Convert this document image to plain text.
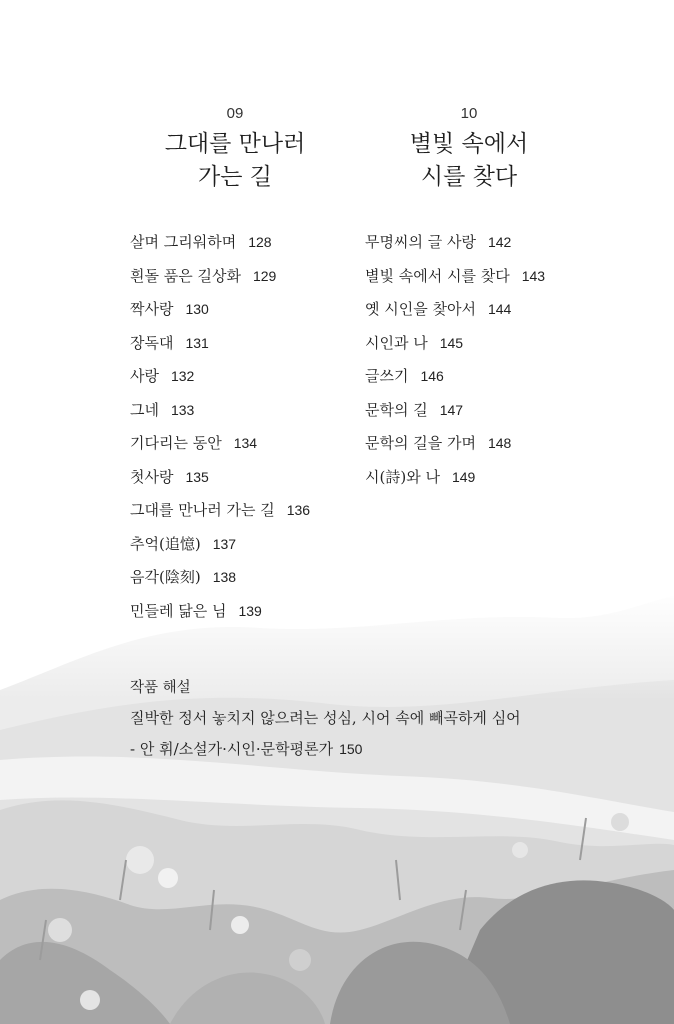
09
그대를 만나러
가는 길
10
별빛 속에서
시를 찾다
살며 그리워하며 128
흰돌 품은 길상화 129
짝사랑 130
장독대 131
사랑 132
그네 133
기다리는 동안 134
첫사랑 135
그대를 만나러 가는 길 136
추억(追憶) 137
음각(陰刻) 138
민들레 닮은 님 139
무명씨의 글 사랑 142
별빛 속에서 시를 찾다 143
옛 시인을 찾아서 144
시인과 나 145
글쓰기 146
문학의 길 147
문학의 길을 가며 148
시(詩)와 나 149
작품 해설
질박한 정서 놓치지 않으려는 성심, 시어 속에 빼곡하게 심어
- 안 휘/소설가·시인·문학평론가 150
